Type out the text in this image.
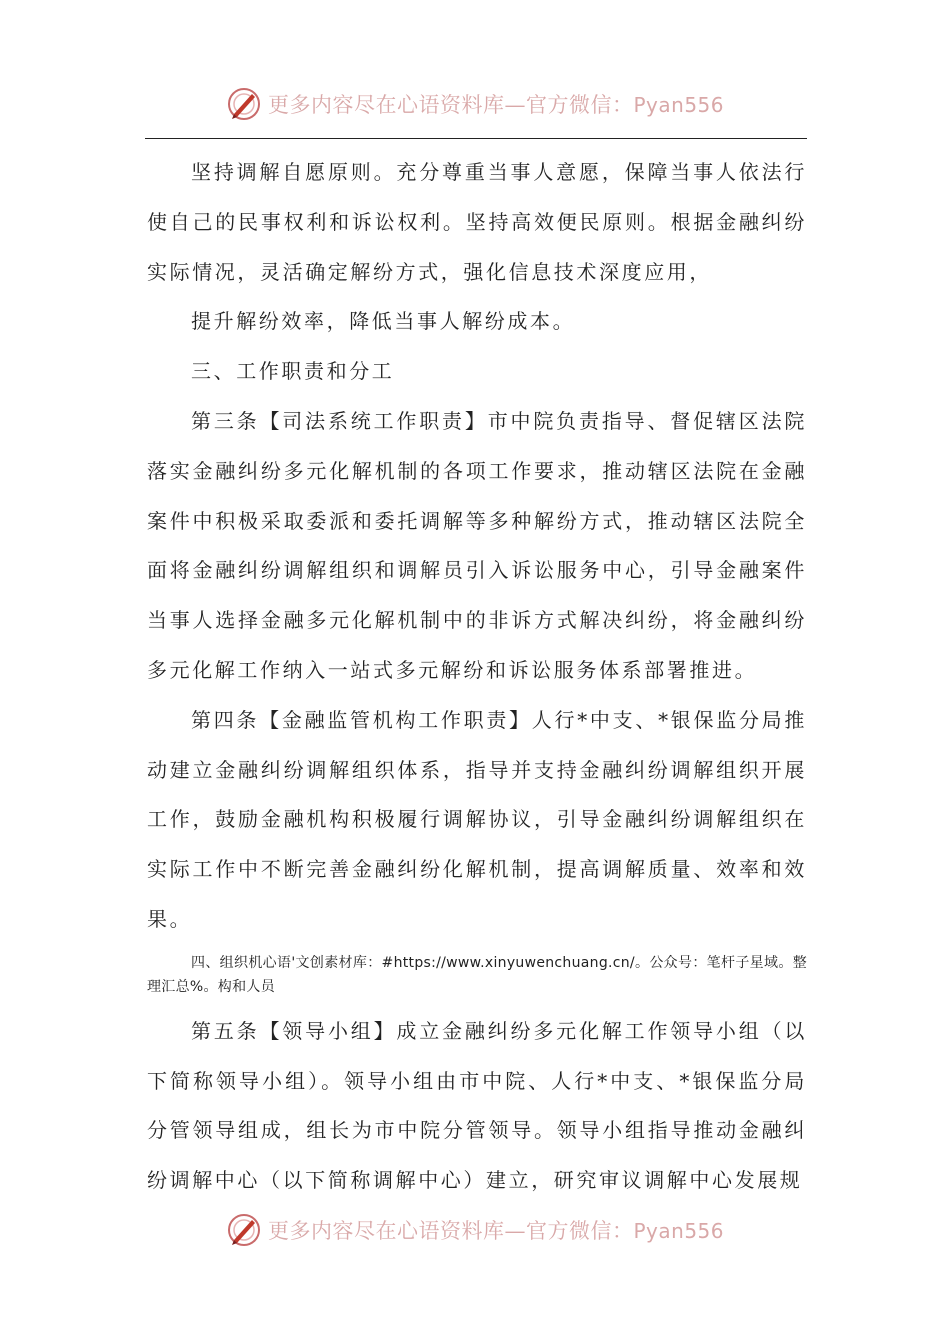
更多内容尽在心语资料库—官方微信：Pyan556

坚持调解自愿原则。充分尊重当事人意愿，保障当事人依法行使自己的民事权利和诉讼权利。坚持高效便民原则。根据金融纠纷实际情况，灵活确定解纷方式，强化信息技术深度应用，

提升解纷效率，降低当事人解纷成本。

三、工作职责和分工

第三条【司法系统工作职责】市中院负责指导、督促辖区法院落实金融纠纷多元化解机制的各项工作要求，推动辖区法院在金融案件中积极采取委派和委托调解等多种解纷方式，推动辖区法院全面将金融纠纷调解组织和调解员引入诉讼服务中心，引导金融案件当事人选择金融多元化解机制中的非诉方式解决纠纷，将金融纠纷多元化解工作纳入一站式多元解纷和诉讼服务体系部署推进。

第四条【金融监管机构工作职责】人行*中支、*银保监分局推动建立金融纠纷调解组织体系，指导并支持金融纠纷调解组织开展工作，鼓励金融机构积极履行调解协议，引导金融纠纷调解组织在实际工作中不断完善金融纠纷化解机制，提高调解质量、效率和效果。

四、组织机心语'文创素材库：#https://www.xinyuwenchuang.cn/。公众号：笔杆子星域。整理汇总%。构和人员

第五条【领导小组】成立金融纠纷多元化解工作领导小组（以下简称领导小组）。领导小组由市中院、人行*中支、*银保监分局分管领导组成，组长为市中院分管领导。领导小组指导推动金融纠纷调解中心（以下简称调解中心）建立，研究审议调解中心发展规

更多内容尽在心语资料库—官方微信：Pyan556
